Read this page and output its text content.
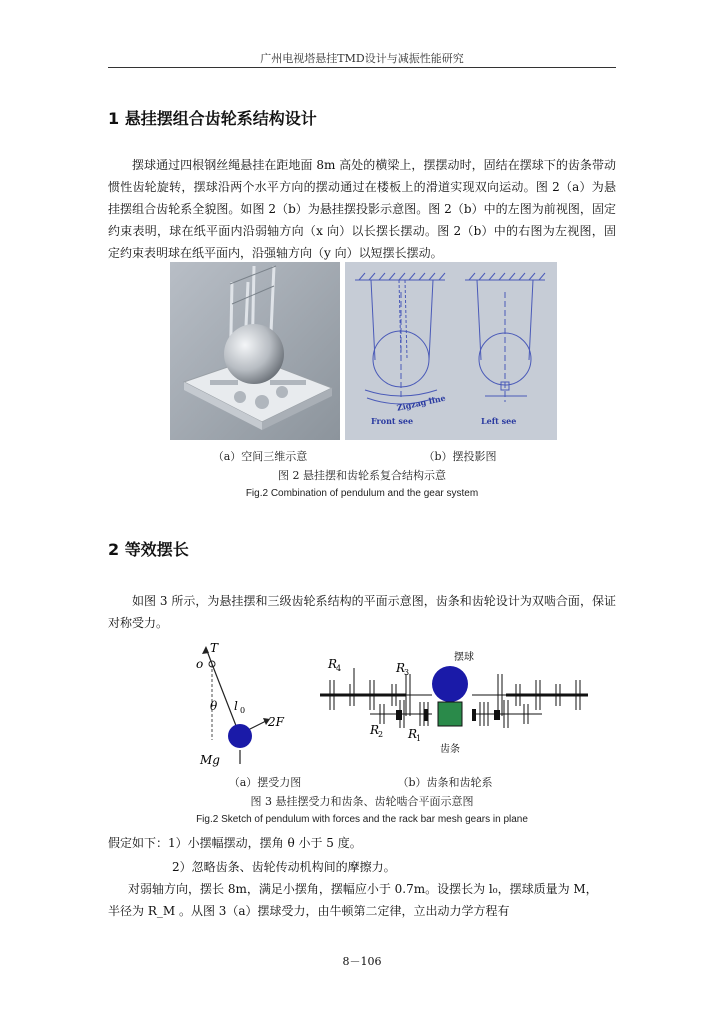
广州电视塔悬挂TMD设计与减振性能研究
1 悬挂摆组合齿轮系结构设计
摆球通过四根钢丝绳悬挂在距地面 8m 高处的横梁上，摆摆动时，固结在摆球下的齿条带动惯性齿轮旋转，摆球沿两个水平方向的摆动通过在楼板上的滑道实现双向运动。图 2（a）为悬挂摆组合齿轮系全貌图。如图 2（b）为悬挂摆投影示意图。图 2（b）中的左图为前视图，固定约束表明，球在纸平面内沿弱轴方向（x 向）以长摆长摆动。图 2（b）中的右图为左视图，固定约束表明球在纸平面内，沿强轴方向（y 向）以短摆长摆动。
Zigzag line
Front see	Left see
（a）空间三维示意	（b）摆投影图
图 2 悬挂摆和齿轮系复合结构示意
Fig.2 Combination of pendulum and the gear system
2 等效摆长
如图 3 所示，为悬挂摆和三级齿轮系结构的平面示意图，齿条和齿轮设计为双啮合面，保证对称受力。
T
o
θ l 0
2F
Mg
R
4	R
3
R
2 R
1
摆球
齿条
（a）摆受力图	（b）齿条和齿轮系
图 3 悬挂摆受力和齿条、齿轮啮合平面示意图
Fig.2 Sketch of pendulum with forces and the rack bar mesh gears in plane
假定如下：1）小摆幅摆动，摆角 θ 小于 5 度。
2）忽略齿条、齿轮传动机构间的摩擦力。
对弱轴方向，摆长 8m，满足小摆角，摆幅应小于 0.7m。设摆长为 l₀，摆球质量为 M，
半径为 R_M 。从图 3（a）摆球受力，由牛顿第二定律，立出动力学方程有
8－106
